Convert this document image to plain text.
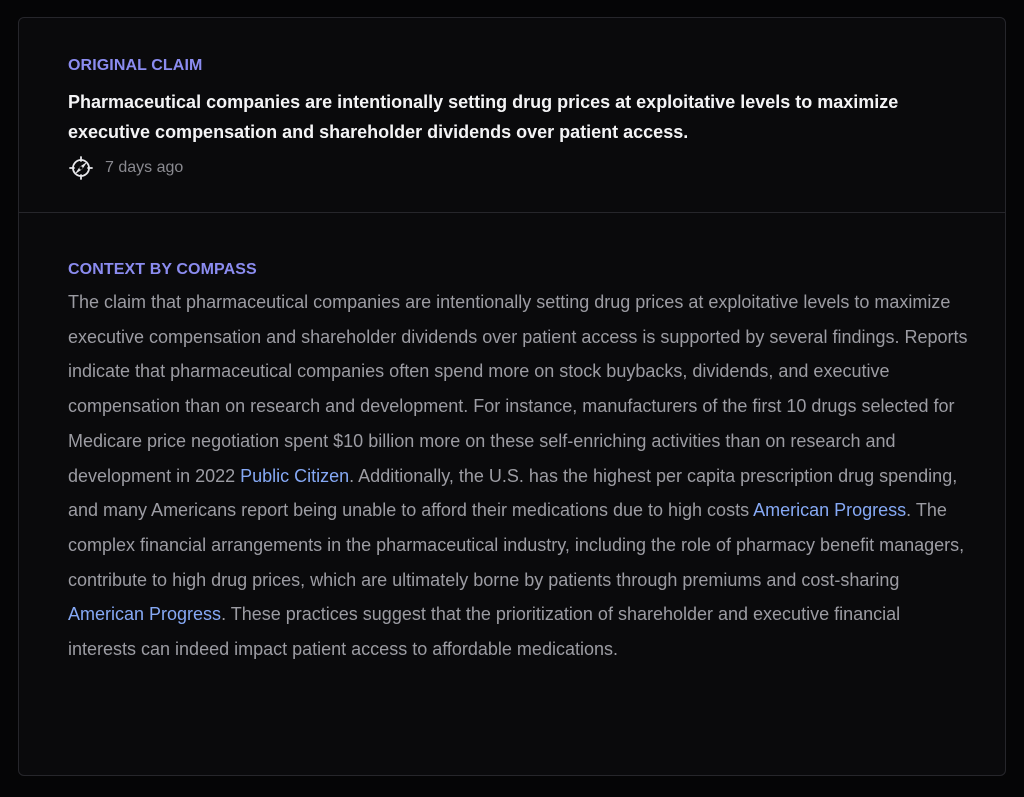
ORIGINAL CLAIM
Pharmaceutical companies are intentionally setting drug prices at exploitative levels to maximize executive compensation and shareholder dividends over patient access.
7 days ago
CONTEXT BY COMPASS
The claim that pharmaceutical companies are intentionally setting drug prices at exploitative levels to maximize executive compensation and shareholder dividends over patient access is supported by several findings. Reports indicate that pharmaceutical companies often spend more on stock buybacks, dividends, and executive compensation than on research and development. For instance, manufacturers of the first 10 drugs selected for Medicare price negotiation spent $10 billion more on these self-enriching activities than on research and development in 2022 Public Citizen. Additionally, the U.S. has the highest per capita prescription drug spending, and many Americans report being unable to afford their medications due to high costs American Progress. The complex financial arrangements in the pharmaceutical industry, including the role of pharmacy benefit managers, contribute to high drug prices, which are ultimately borne by patients through premiums and cost-sharing American Progress. These practices suggest that the prioritization of shareholder and executive financial interests can indeed impact patient access to affordable medications.
